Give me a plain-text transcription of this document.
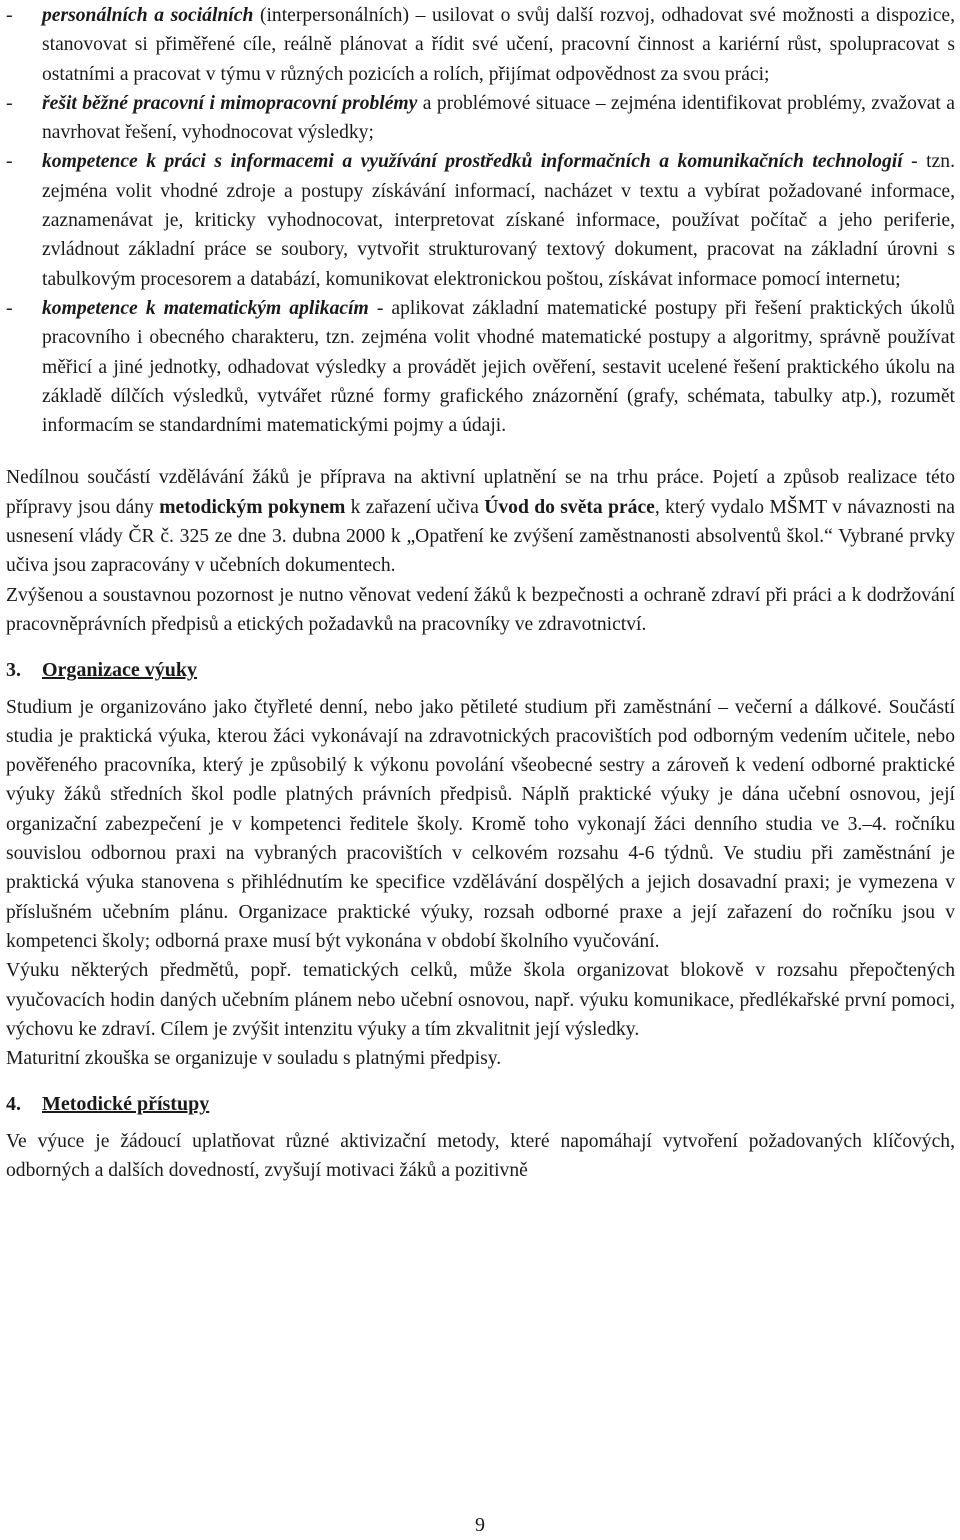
- personálních a sociálních (interpersonálních) – usilovat o svůj další rozvoj, odhadovat své možnosti a dispozice, stanovovat si přiměřené cíle, reálně plánovat a řídit své učení, pracovní činnost a kariérní růst, spolupracovat s ostatními a pracovat v týmu v různých pozicích a rolích, přijímat odpovědnost za svou práci;
- řešit běžné pracovní i mimopracovní problémy a problémové situace – zejména identifikovat problémy, zvažovat a navrhovat řešení, vyhodnocovat výsledky;
- kompetence k práci s informacemi a využívání prostředků informačních a komunikačních technologií - tzn. zejména volit vhodné zdroje a postupy získávání informací, nacházet v textu a vybírat požadované informace, zaznamenávat je, kriticky vyhodnocovat, interpretovat získané informace, používat počítač a jeho periferie, zvládnout základní práce se soubory, vytvořit strukturovaný textový dokument, pracovat na základní úrovni s tabulkovým procesorem a databází, komunikovat elektronickou poštou, získávat informace pomocí internetu;
- kompetence k matematickým aplikacím - aplikovat základní matematické postupy při řešení praktických úkolů pracovního i obecného charakteru, tzn. zejména volit vhodné matematické postupy a algoritmy, správně používat měřicí a jiné jednotky, odhadovat výsledky a provádět jejich ověření, sestavit ucelené řešení praktického úkolu na základě dílčích výsledků, vytvářet různé formy grafického znázornění (grafy, schémata, tabulky atp.), rozumět informacím se standardními matematickými pojmy a údaji.

Nedílnou součástí vzdělávání žáků je příprava na aktivní uplatnění se na trhu práce. Pojetí a způsob realizace této přípravy jsou dány metodickým pokynem k zařazení učiva Úvod do světa práce, který vydalo MŠMT v návaznosti na usnesení vlády ČR č. 325 ze dne 3. dubna 2000 k „Opatření ke zvýšení zaměstnanosti absolventů škol.“ Vybrané prvky učiva jsou zapracovány v učebních dokumentech.

Zvýšenou a soustavnou pozornost je nutno věnovat vedení žáků k bezpečnosti a ochraně zdraví při práci a k dodržování pracovněprávních předpisů a etických požadavků na pracovníky ve zdravotnictví.

3. Organizace výuky

Studium je organizováno jako čtyřleté denní, nebo jako pětileté studium při zaměstnání – večerní a dálkové. Součástí studia je praktická výuka, kterou žáci vykonávají na zdravotnických pracovištích pod odborným vedením učitele, nebo pověřeného pracovníka, který je způsobilý k výkonu povolání všeobecné sestry a zároveň k vedení odborné praktické výuky žáků středních škol podle platných právních předpisů. Náplň praktické výuky je dána učební osnovou, její organizační zabezpečení je v kompetenci ředitele školy. Kromě toho vykonají žáci denního studia ve 3.–4. ročníku souvislou odbornou praxi na vybraných pracovištích v celkovém rozsahu 4-6 týdnů. Ve studiu při zaměstnání je praktická výuka stanovena s přihlédnutím ke specifice vzdělávání dospělých a jejich dosavadní praxi; je vymezena v příslušném učebním plánu. Organizace praktické výuky, rozsah odborné praxe a její zařazení do ročníku jsou v kompetenci školy; odborná praxe musí být vykonána v období školního vyučování.

Výuku některých předmětů, popř. tematických celků, může škola organizovat blokově v rozsahu přepočtených vyučovacích hodin daných učebním plánem nebo učební osnovou, např. výuku komunikace, předlékařské první pomoci, výchovu ke zdraví. Cílem je zvýšit intenzitu výuky a tím zkvalitnit její výsledky.

Maturitní zkouška se organizuje v souladu s platnými předpisy.

4. Metodické přístupy

Ve výuce je žádoucí uplatňovat různé aktivizační metody, které napomáhají vytvoření požadovaných klíčových, odborných a dalších dovedností, zvyšují motivaci žáků a pozitivně

9
